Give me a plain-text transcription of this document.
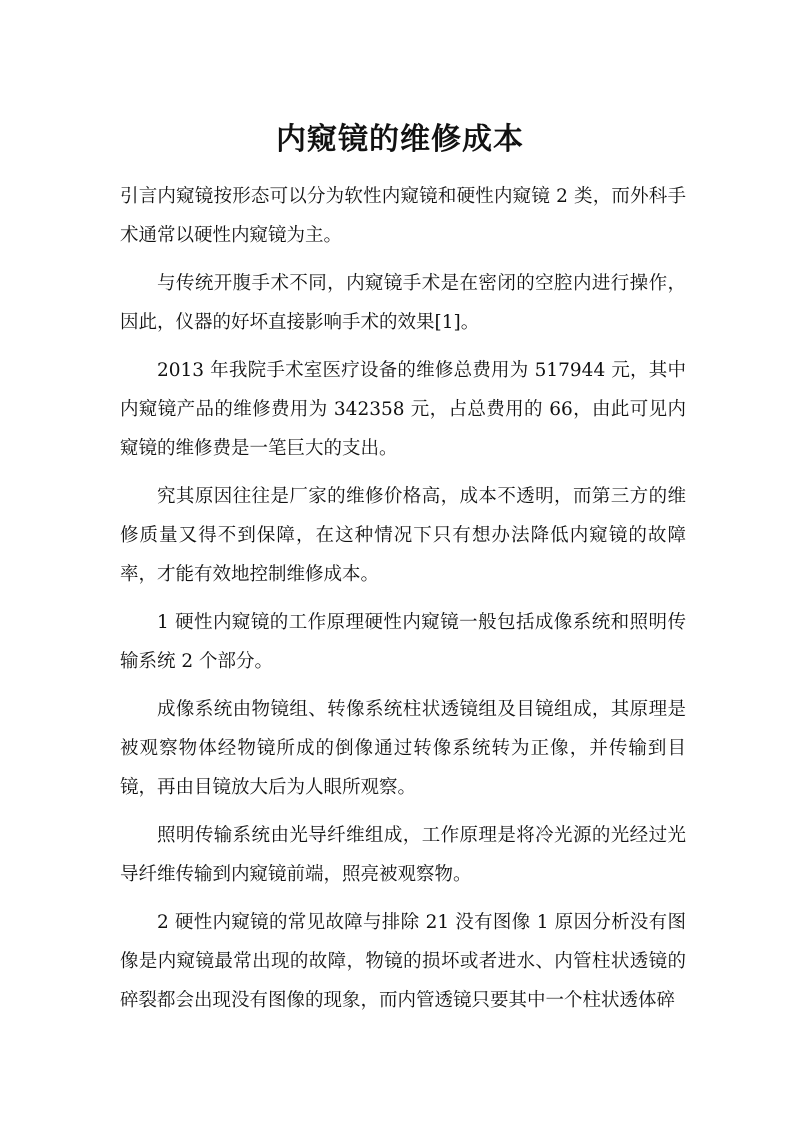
内窥镜的维修成本

引言内窥镜按形态可以分为软性内窥镜和硬性内窥镜 2 类，而外科手术通常以硬性内窥镜为主。

与传统开腹手术不同，内窥镜手术是在密闭的空腔内进行操作，因此，仪器的好坏直接影响手术的效果[1]。

2013 年我院手术室医疗设备的维修总费用为 517944 元，其中内窥镜产品的维修费用为 342358 元，占总费用的 66，由此可见内窥镜的维修费是一笔巨大的支出。

究其原因往往是厂家的维修价格高，成本不透明，而第三方的维修质量又得不到保障，在这种情况下只有想办法降低内窥镜的故障率，才能有效地控制维修成本。

1 硬性内窥镜的工作原理硬性内窥镜一般包括成像系统和照明传输系统 2 个部分。

成像系统由物镜组、转像系统柱状透镜组及目镜组成，其原理是被观察物体经物镜所成的倒像通过转像系统转为正像，并传输到目镜，再由目镜放大后为人眼所观察。

照明传输系统由光导纤维组成，工作原理是将冷光源的光经过光导纤维传输到内窥镜前端，照亮被观察物。

2 硬性内窥镜的常见故障与排除 21 没有图像 1 原因分析没有图像是内窥镜最常出现的故障，物镜的损坏或者进水、内管柱状透镜的碎裂都会出现没有图像的现象，而内管透镜只要其中一个柱状透体碎
